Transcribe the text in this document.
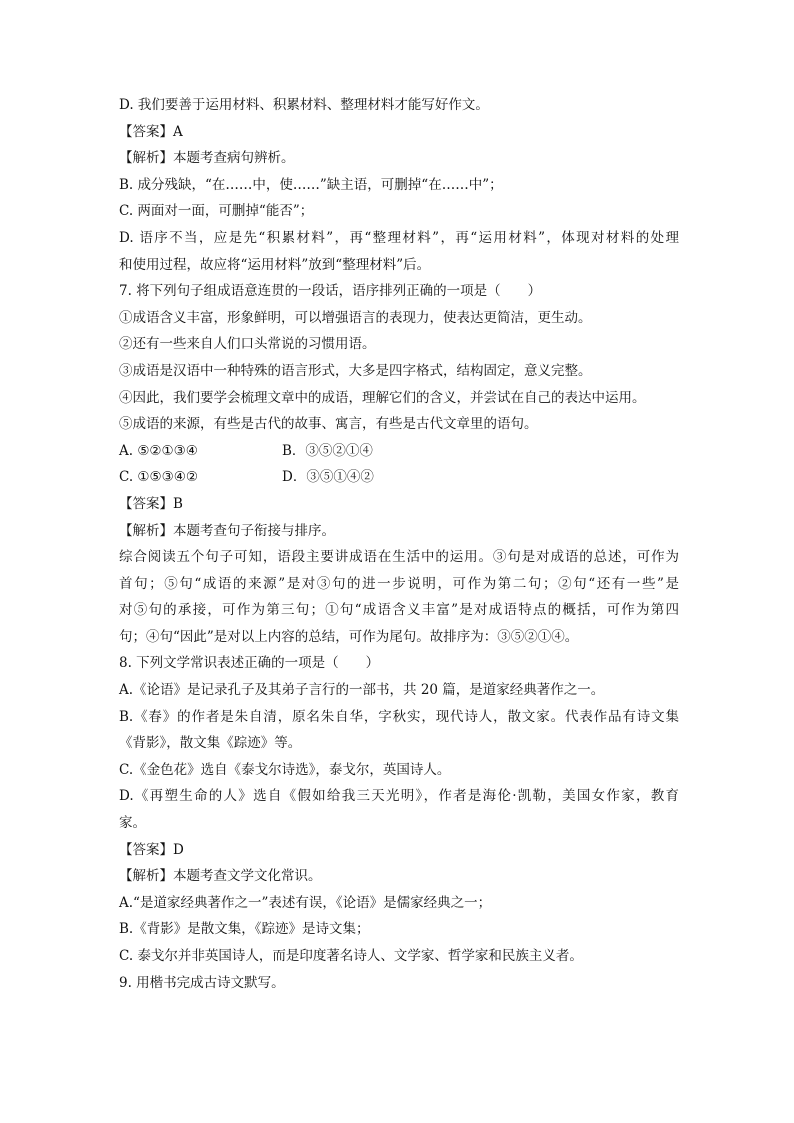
D. 我们要善于运用材料、积累材料、整理材料才能写好作文。
【答案】A
【解析】本题考查病句辨析。
B. 成分残缺，“在……中，使……”缺主语，可删掉“在……中”；
C. 两面对一面，可删掉“能否”；
D. 语序不当，应是先“积累材料”，再“整理材料”，再“运用材料”，体现对材料的处理
和使用过程，故应将“运用材料”放到“整理材料”后。
7. 将下列句子组成语意连贯的一段话，语序排列正确的一项是（　　）
①成语含义丰富，形象鲜明，可以增强语言的表现力，使表达更简洁，更生动。
②还有一些来自人们口头常说的习惯用语。
③成语是汉语中一种特殊的语言形式，大多是四字格式，结构固定，意义完整。
④因此，我们要学会梳理文章中的成语，理解它们的含义，并尝试在自己的表达中运用。
⑤成语的来源，有些是古代的故事、寓言，有些是古代文章里的语句。
A. ⑤②①③④	B．③⑤②①④
C. ①⑤③④②	D．③⑤①④②
【答案】B
【解析】本题考查句子衔接与排序。
综合阅读五个句子可知，语段主要讲成语在生活中的运用。③句是对成语的总述，可作为
首句；⑤句“成语的来源”是对③句的进一步说明，可作为第二句；②句“还有一些”是
对⑤句的承接，可作为第三句；①句“成语含义丰富”是对成语特点的概括，可作为第四
句；④句“因此”是对以上内容的总结，可作为尾句。故排序为：③⑤②①④。
8. 下列文学常识表述正确的一项是（　　）
A.《论语》是记录孔子及其弟子言行的一部书，共 20 篇，是道家经典著作之一。
B.《春》的作者是朱自清，原名朱自华，字秋实，现代诗人，散文家。代表作品有诗文集
《背影》，散文集《踪迹》等。
C.《金色花》选自《泰戈尔诗选》，泰戈尔，英国诗人。
D.《再塑生命的人》选自《假如给我三天光明》，作者是海伦·凯勒，美国女作家，教育
家。
【答案】D
【解析】本题考查文学文化常识。
A.“是道家经典著作之一”表述有误，《论语》是儒家经典之一；
B.《背影》是散文集，《踪迹》是诗文集；
C. 泰戈尔并非英国诗人，而是印度著名诗人、文学家、哲学家和民族主义者。
9. 用楷书完成古诗文默写。
